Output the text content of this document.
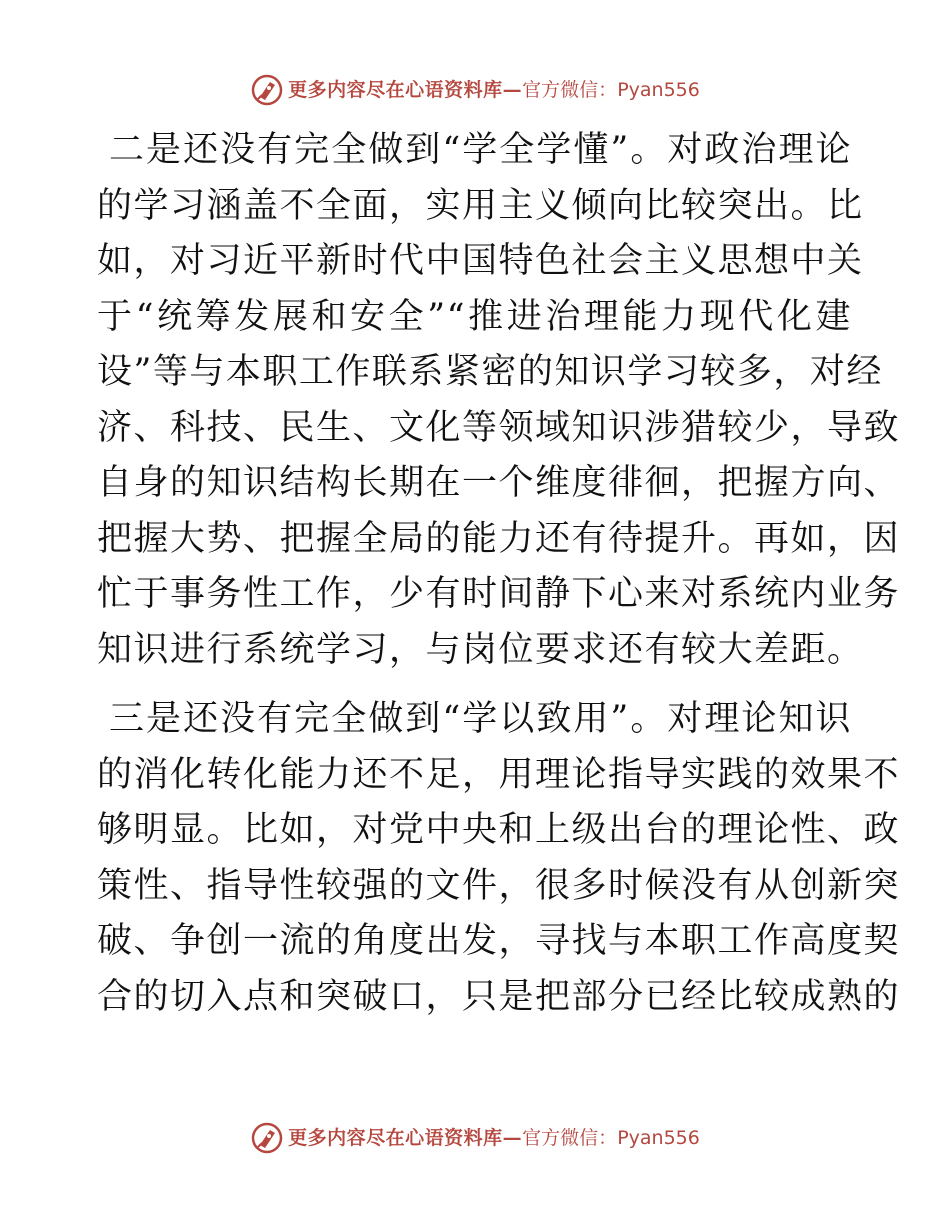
更多内容尽在心语资料库 — 官方微信： Pyan556

二是还没有完全做到“学全学懂”。对政治理论
的学习涵盖不全面，实用主义倾向比较突出。比
如，对习近平新时代中国特色社会主义思想中关
于“统筹发展和安全”“推进治理能力现代化建
设”等与本职工作联系紧密的知识学习较多，对经
济、科技、民生、文化等领域知识涉猎较少，导致
自身的知识结构长期在一个维度徘徊，把握方向、
把握大势、把握全局的能力还有待提升。再如，因
忙于事务性工作，少有时间静下心来对系统内业务
知识进行系统学习，与岗位要求还有较大差距。

三是还没有完全做到“学以致用”。对理论知识
的消化转化能力还不足，用理论指导实践的效果不
够明显。比如，对党中央和上级出台的理论性、政
策性、指导性较强的文件，很多时候没有从创新突
破、争创一流的角度出发，寻找与本职工作高度契
合的切入点和突破口，只是把部分已经比较成熟的

更多内容尽在心语资料库 — 官方微信： Pyan556
